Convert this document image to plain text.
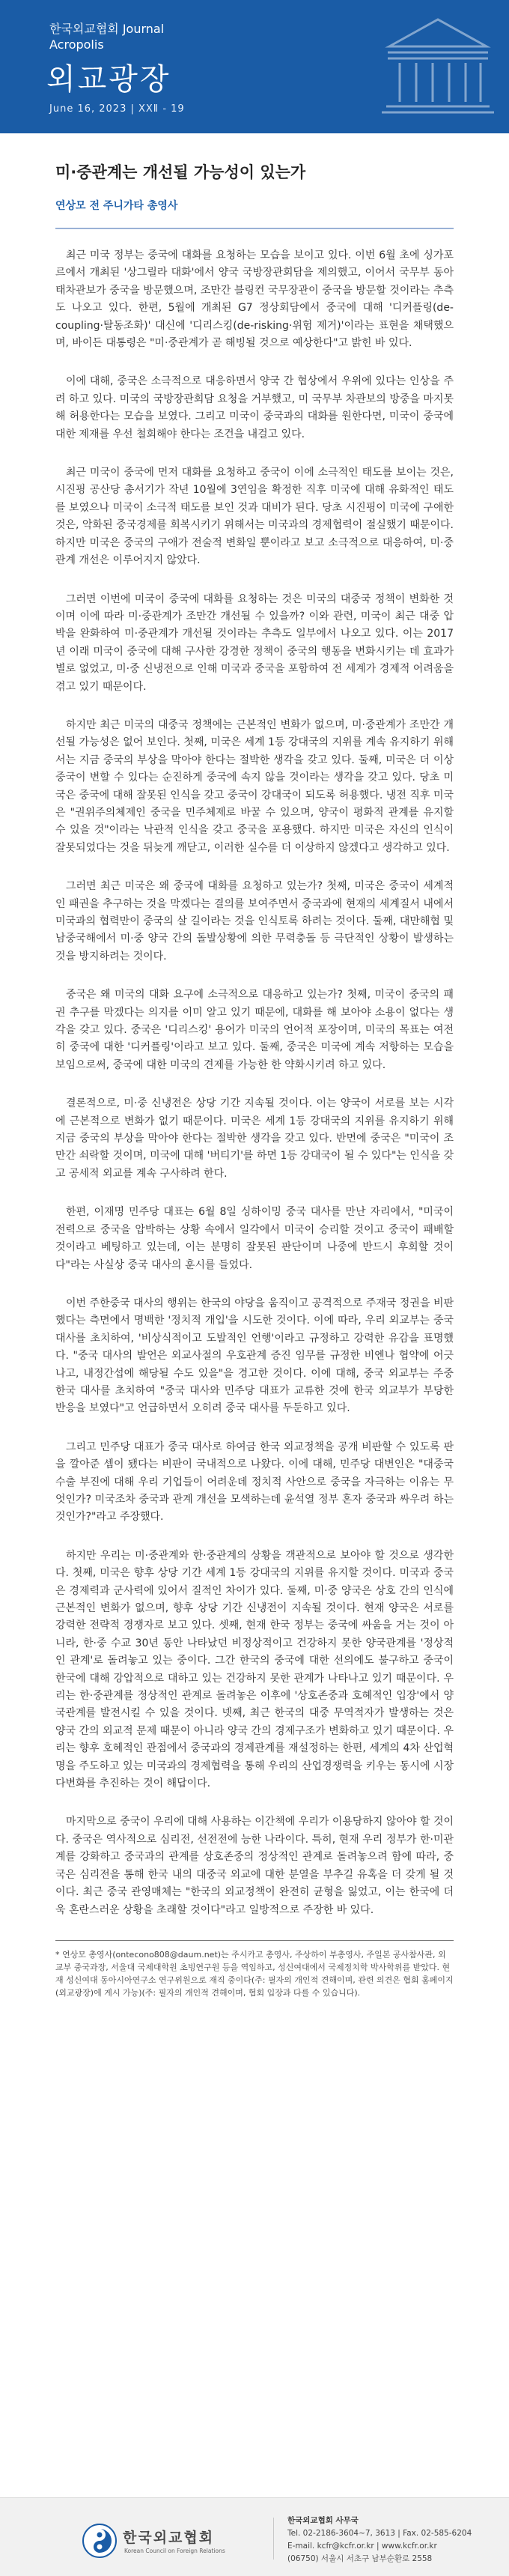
한국외교협회 Journal
Acropolis
외교광장
June 16, 2023 | XXⅡ - 19
미·중관계는 개선될 가능성이 있는가
연상모 전 주니가타 총영사

최근 미국 정부는 중국에 대화를 요청하는 모습을 보이고 있다. 이번 6월 초에 싱가포르에서 개최된 '상그릴라 대화'에서 양국 국방장관회담을 제의했고, 이어서 국무부 동아태차관보가 중국을 방문했으며, 조만간 블링컨 국무장관이 중국을 방문할 것이라는 추측도 나오고 있다. 한편, 5월에 개최된 G7 정상회담에서 중국에 대해 '디커플링(de-coupling·탈동조화)' 대신에 '디리스킹(de-risking·위험 제거)'이라는 표현을 채택했으며, 바이든 대통령은 "미·중관계가 곧 해빙될 것으로 예상한다"고 밝힌 바 있다.

이에 대해, 중국은 소극적으로 대응하면서 양국 간 협상에서 우위에 있다는 인상을 주려 하고 있다. 미국의 국방장관회담 요청을 거부했고, 미 국무부 차관보의 방중을 마지못해 허용한다는 모습을 보였다. 그리고 미국이 중국과의 대화를 원한다면, 미국이 중국에 대한 제재를 우선 철회해야 한다는 조건을 내걸고 있다.

최근 미국이 중국에 먼저 대화를 요청하고 중국이 이에 소극적인 태도를 보이는 것은, 시진핑 공산당 총서기가 작년 10월에 3연임을 확정한 직후 미국에 대해 유화적인 태도를 보였으나 미국이 소극적 태도를 보인 것과 대비가 된다. 당초 시진핑이 미국에 구애한 것은, 악화된 중국경제를 회복시키기 위해서는 미국과의 경제협력이 절실했기 때문이다. 하지만 미국은 중국의 구애가 전술적 변화일 뿐이라고 보고 소극적으로 대응하여, 미·중관계 개선은 이루어지지 않았다.

그러면 이번에 미국이 중국에 대화를 요청하는 것은 미국의 대중국 정책이 변화한 것이며 이에 따라 미·중관계가 조만간 개선될 수 있을까? 이와 관련, 미국이 최근 대중 압박을 완화하여 미·중관계가 개선될 것이라는 추측도 일부에서 나오고 있다. 이는 2017년 이래 미국이 중국에 대해 구사한 강경한 정책이 중국의 행동을 변화시키는 데 효과가 별로 없었고, 미·중 신냉전으로 인해 미국과 중국을 포함하여 전 세계가 경제적 어려움을 겪고 있기 때문이다.

하지만 최근 미국의 대중국 정책에는 근본적인 변화가 없으며, 미·중관계가 조만간 개선될 가능성은 없어 보인다. 첫째, 미국은 세계 1등 강대국의 지위를 계속 유지하기 위해서는 지금 중국의 부상을 막아야 한다는 절박한 생각을 갖고 있다. 둘째, 미국은 더 이상 중국이 변할 수 있다는 순진하게 중국에 속지 않을 것이라는 생각을 갖고 있다. 당초 미국은 중국에 대해 잘못된 인식을 갖고 중국이 강대국이 되도록 허용했다. 냉전 직후 미국은 "권위주의체제인 중국을 민주체제로 바꿀 수 있으며, 양국이 평화적 관계를 유지할 수 있을 것"이라는 낙관적 인식을 갖고 중국을 포용했다. 하지만 미국은 자신의 인식이 잘못되었다는 것을 뒤늦게 깨닫고, 이러한 실수를 더 이상하지 않겠다고 생각하고 있다.

그러면 최근 미국은 왜 중국에 대화를 요청하고 있는가? 첫째, 미국은 중국이 세계적인 패권을 추구하는 것을 막겠다는 결의를 보여주면서 중국과에 현재의 세계질서 내에서 미국과의 협력만이 중국의 살 길이라는 것을 인식토록 하려는 것이다. 둘째, 대만해협 및 남중국해에서 미·중 양국 간의 돌발상황에 의한 무력충돌 등 극단적인 상황이 발생하는 것을 방지하려는 것이다.

중국은 왜 미국의 대화 요구에 소극적으로 대응하고 있는가? 첫째, 미국이 중국의 패권 추구를 막겠다는 의지를 이미 알고 있기 때문에, 대화를 해 보아야 소용이 없다는 생각을 갖고 있다. 중국은 '디리스킹' 용어가 미국의 언어적 포장이며, 미국의 목표는 여전히 중국에 대한 '디커플링'이라고 보고 있다. 둘째, 중국은 미국에 계속 저항하는 모습을 보임으로써, 중국에 대한 미국의 견제를 가능한 한 약화시키려 하고 있다.

결론적으로, 미·중 신냉전은 상당 기간 지속될 것이다. 이는 양국이 서로를 보는 시각에 근본적으로 변화가 없기 때문이다. 미국은 세계 1등 강대국의 지위를 유지하기 위해 지금 중국의 부상을 막아야 한다는 절박한 생각을 갖고 있다. 반면에 중국은 "미국이 조만간 쇠락할 것이며, 미국에 대해 '버티기'를 하면 1등 강대국이 될 수 있다"는 인식을 갖고 공세적 외교를 계속 구사하려 한다.

한편, 이재명 민주당 대표는 6월 8일 싱하이밍 중국 대사를 만난 자리에서, "미국이 전력으로 중국을 압박하는 상황 속에서 일각에서 미국이 승리할 것이고 중국이 패배할 것이라고 베팅하고 있는데, 이는 분명히 잘못된 판단이며 나중에 반드시 후회할 것이다"라는 사실상 중국 대사의 훈시를 들었다.

이번 주한중국 대사의 행위는 한국의 야당을 움직이고 공격적으로 주재국 정권을 비판했다는 측면에서 명백한 '정치적 개입'을 시도한 것이다. 이에 따라, 우리 외교부는 중국 대사를 초치하여, '비상식적이고 도발적인 언행'이라고 규정하고 강력한 유감을 표명했다. "중국 대사의 발언은 외교사절의 우호관계 증진 임무를 규정한 비엔나 협약에 어긋나고, 내정간섭에 해당될 수도 있을"을 경고한 것이다. 이에 대해, 중국 외교부는 주중 한국 대사를 초치하여 "중국 대사와 민주당 대표가 교류한 것에 한국 외교부가 부당한 반응을 보였다"고 언급하면서 오히려 중국 대사를 두둔하고 있다.

그리고 민주당 대표가 중국 대사로 하여금 한국 외교정책을 공개 비판할 수 있도록 판을 깔아준 셈이 됐다는 비판이 국내적으로 나왔다. 이에 대해, 민주당 대변인은 "대중국 수출 부진에 대해 우리 기업들이 어려운데 정치적 사안으로 중국을 자극하는 이유는 무엇인가? 미국조차 중국과 관계 개선을 모색하는데 윤석열 정부 혼자 중국과 싸우려 하는 것인가?"라고 주장했다.

하지만 우리는 미·중관계와 한·중관계의 상황을 객관적으로 보아야 할 것으로 생각한다. 첫째, 미국은 향후 상당 기간 세계 1등 강대국의 지위를 유지할 것이다. 미국과 중국은 경제력과 군사력에 있어서 질적인 차이가 있다. 둘째, 미·중 양국은 상호 간의 인식에 근본적인 변화가 없으며, 향후 상당 기간 신냉전이 지속될 것이다. 현재 양국은 서로를 강력한 전략적 경쟁자로 보고 있다. 셋째, 현재 한국 정부는 중국에 싸움을 거는 것이 아니라, 한·중 수교 30년 동안 나타났던 비정상적이고 건강하지 못한 양국관계를 '정상적인 관계'로 돌려놓고 있는 중이다. 그간 한국의 중국에 대한 선의에도 불구하고 중국이 한국에 대해 강압적으로 대하고 있는 건강하지 못한 관계가 나타나고 있기 때문이다. 우리는 한·중관계를 정상적인 관계로 돌려놓은 이후에 '상호존중과 호혜적인 입장'에서 양국관계를 발전시킬 수 있을 것이다. 넷째, 최근 한국의 대중 무역적자가 발생하는 것은 양국 간의 외교적 문제 때문이 아니라 양국 간의 경제구조가 변화하고 있기 때문이다. 우리는 향후 호혜적인 관점에서 중국과의 경제관계를 재설정하는 한편, 세계의 4차 산업혁명을 주도하고 있는 미국과의 경제협력을 통해 우리의 산업경쟁력을 키우는 동시에 시장 다변화를 추진하는 것이 해답이다.

마지막으로 중국이 우리에 대해 사용하는 이간책에 우리가 이용당하지 않아야 할 것이다. 중국은 역사적으로 심리전, 선전전에 능한 나라이다. 특히, 현재 우리 정부가 한·미관계를 강화하고 중국과의 관계를 상호존중의 정상적인 관계로 돌려놓으려 함에 따라, 중국은 심리전을 통해 한국 내의 대중국 외교에 대한 분열을 부추길 유혹을 더 갖게 될 것이다. 최근 중국 관영매체는 "한국의 외교정책이 완전히 균형을 잃었고, 이는 한국에 더욱 혼란스러운 상황을 초래할 것이다"라고 일방적으로 주장한 바 있다.

* 연상모 총영사(ontecono808@daum.net)는 주시카고 총영사, 주상하이 부총영사, 주일본 공사참사관, 외교부 중국과장, 서울대 국제대학원 초빙연구원 등을 역임하고, 성신여대에서 국제정치학 박사학위를 받았다. 현재 성신여대 동아시아연구소 연구위원으로 재직 중이다(주: 필자의 개인적 견해이며, 관련 의견은 협회 홈페이지(외교광장)에 게시 가능)(주: 필자의 개인적 견해이며, 협회 입장과 다를 수 있습니다).

한국외교협회
Korean Council on Foreign Relations
한국외교협회 사무국
Tel. 02-2186-3604~7, 3613 | Fax. 02-585-6204
E-mail. kcfr@kcfr.or.kr | www.kcfr.or.kr
(06750) 서울시 서초구 남부순환로 2558
